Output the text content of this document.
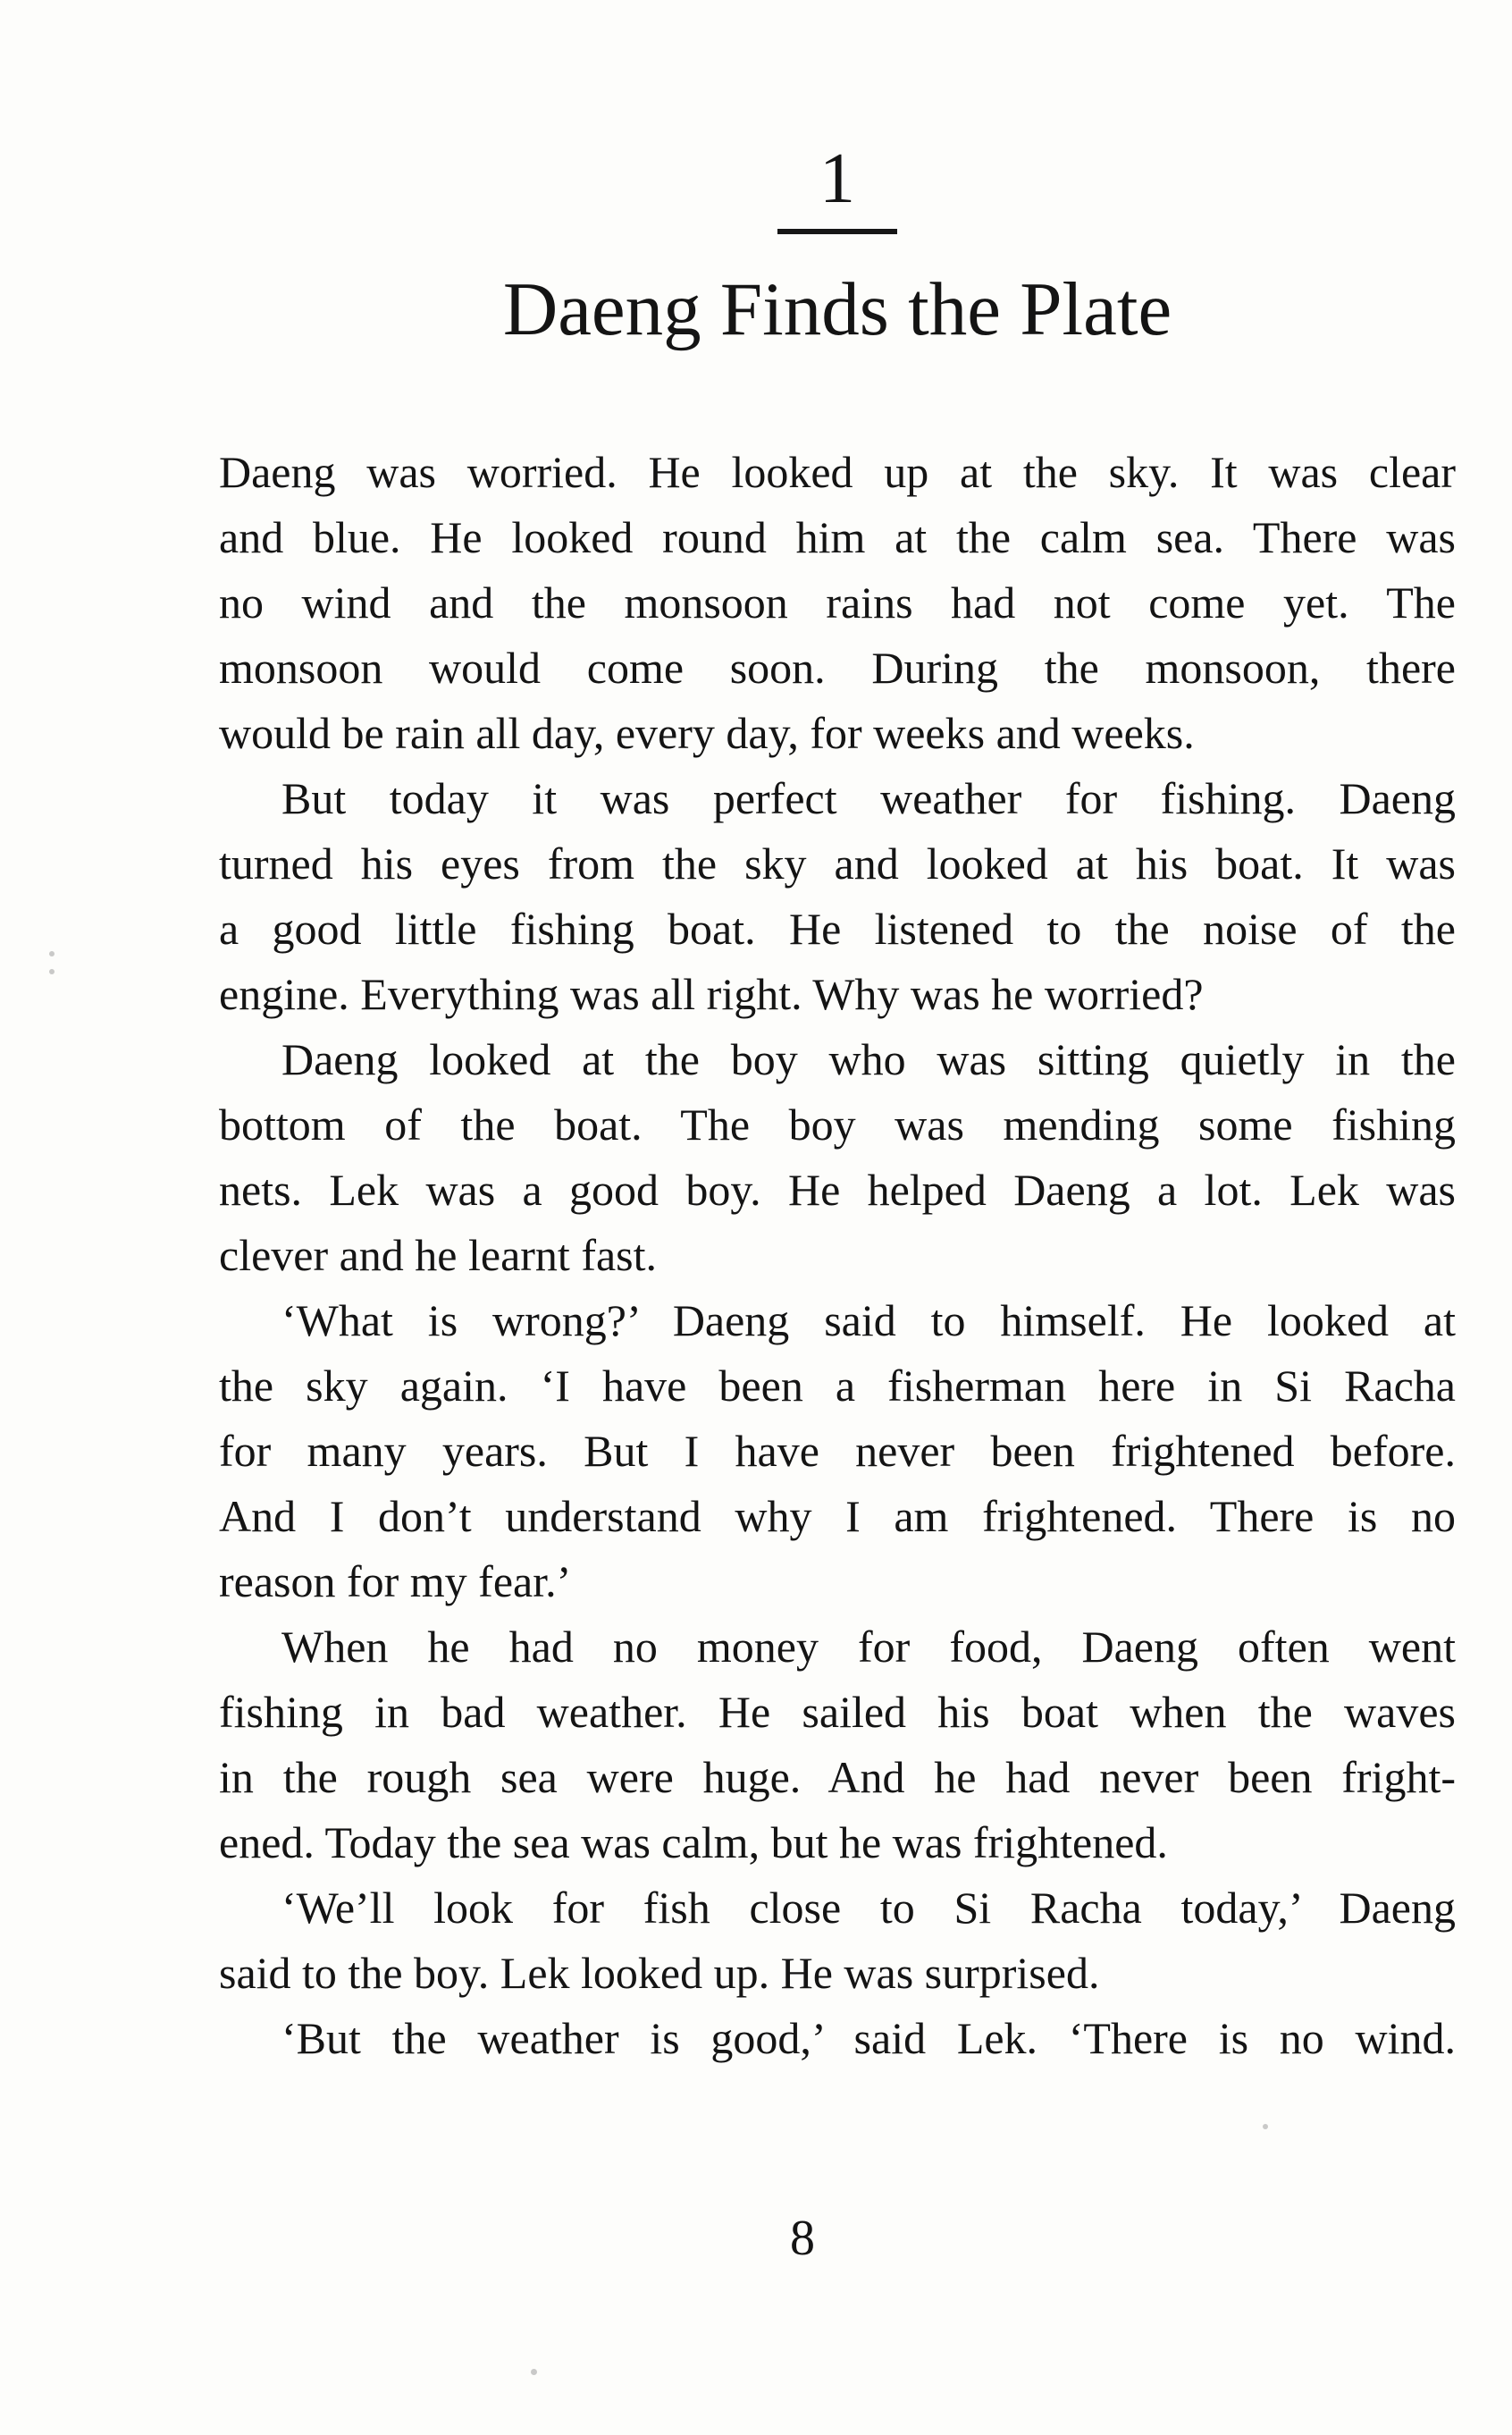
1
Daeng Finds the Plate
Daeng was worried. He looked up at the sky. It was clear
and blue. He looked round him at the calm sea. There was
no wind and the monsoon rains had not come yet. The
monsoon would come soon. During the monsoon, there
would be rain all day, every day, for weeks and weeks.
But today it was perfect weather for fishing. Daeng
turned his eyes from the sky and looked at his boat. It was
a good little fishing boat. He listened to the noise of the
engine. Everything was all right. Why was he worried?
Daeng looked at the boy who was sitting quietly in the
bottom of the boat. The boy was mending some fishing
nets. Lek was a good boy. He helped Daeng a lot. Lek was
clever and he learnt fast.
‘What is wrong?’ Daeng said to himself. He looked at
the sky again. ‘I have been a fisherman here in Si Racha
for many years. But I have never been frightened before.
And I don’t understand why I am frightened. There is no
reason for my fear.’
When he had no money for food, Daeng often went
fishing in bad weather. He sailed his boat when the waves
in the rough sea were huge. And he had never been fright-
ened. Today the sea was calm, but he was frightened.
‘We’ll look for fish close to Si Racha today,’ Daeng
said to the boy. Lek looked up. He was surprised.
‘But the weather is good,’ said Lek. ‘There is no wind.
8
